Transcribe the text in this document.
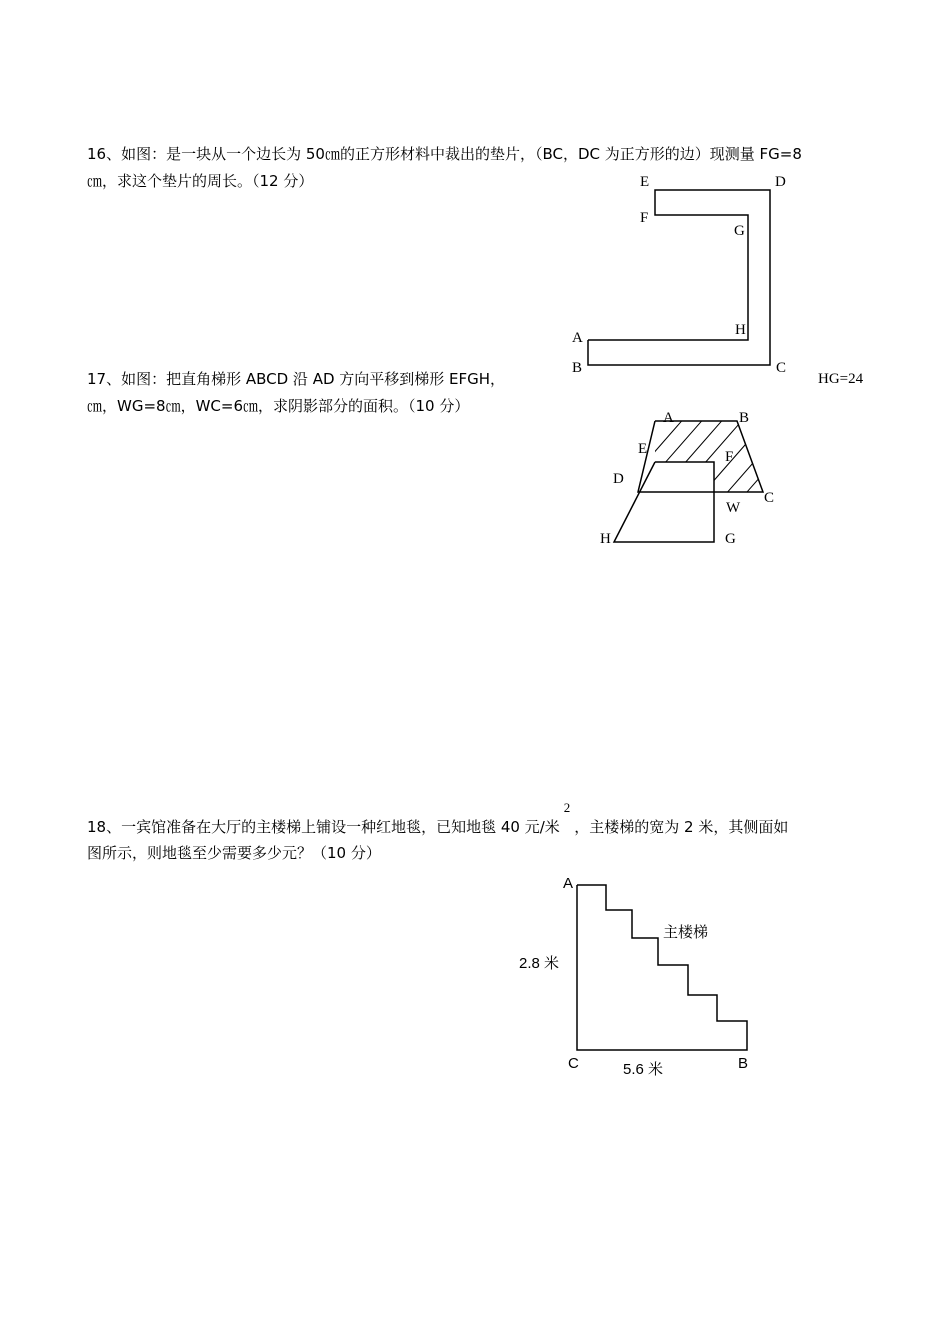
16、如图：是一块从一个边长为 50㎝的正方形材料中裁出的垫片，（BC，DC 为正方形的边）现测量 FG=8
㎝，求这个垫片的周长。（12 分）	E	D
F
G
A	H
B	C
17、如图：把直角梯形 ABCD 沿 AD 方向平移到梯形 EFGH，	HG=24
㎝，WG=8㎝，WC=6㎝，求阴影部分的面积。（10 分）
A	B
E	F
D
C
W
H	G
18、一宾馆准备在大厅的主楼梯上铺设一种红地毯，已知地毯 40 元/米$^2$，主楼梯的宽为 2 米，其侧面如
图所示，则地毯至少需要多少元？（10 分）
A
主楼梯
2.8 米
C	5.6 米	B
